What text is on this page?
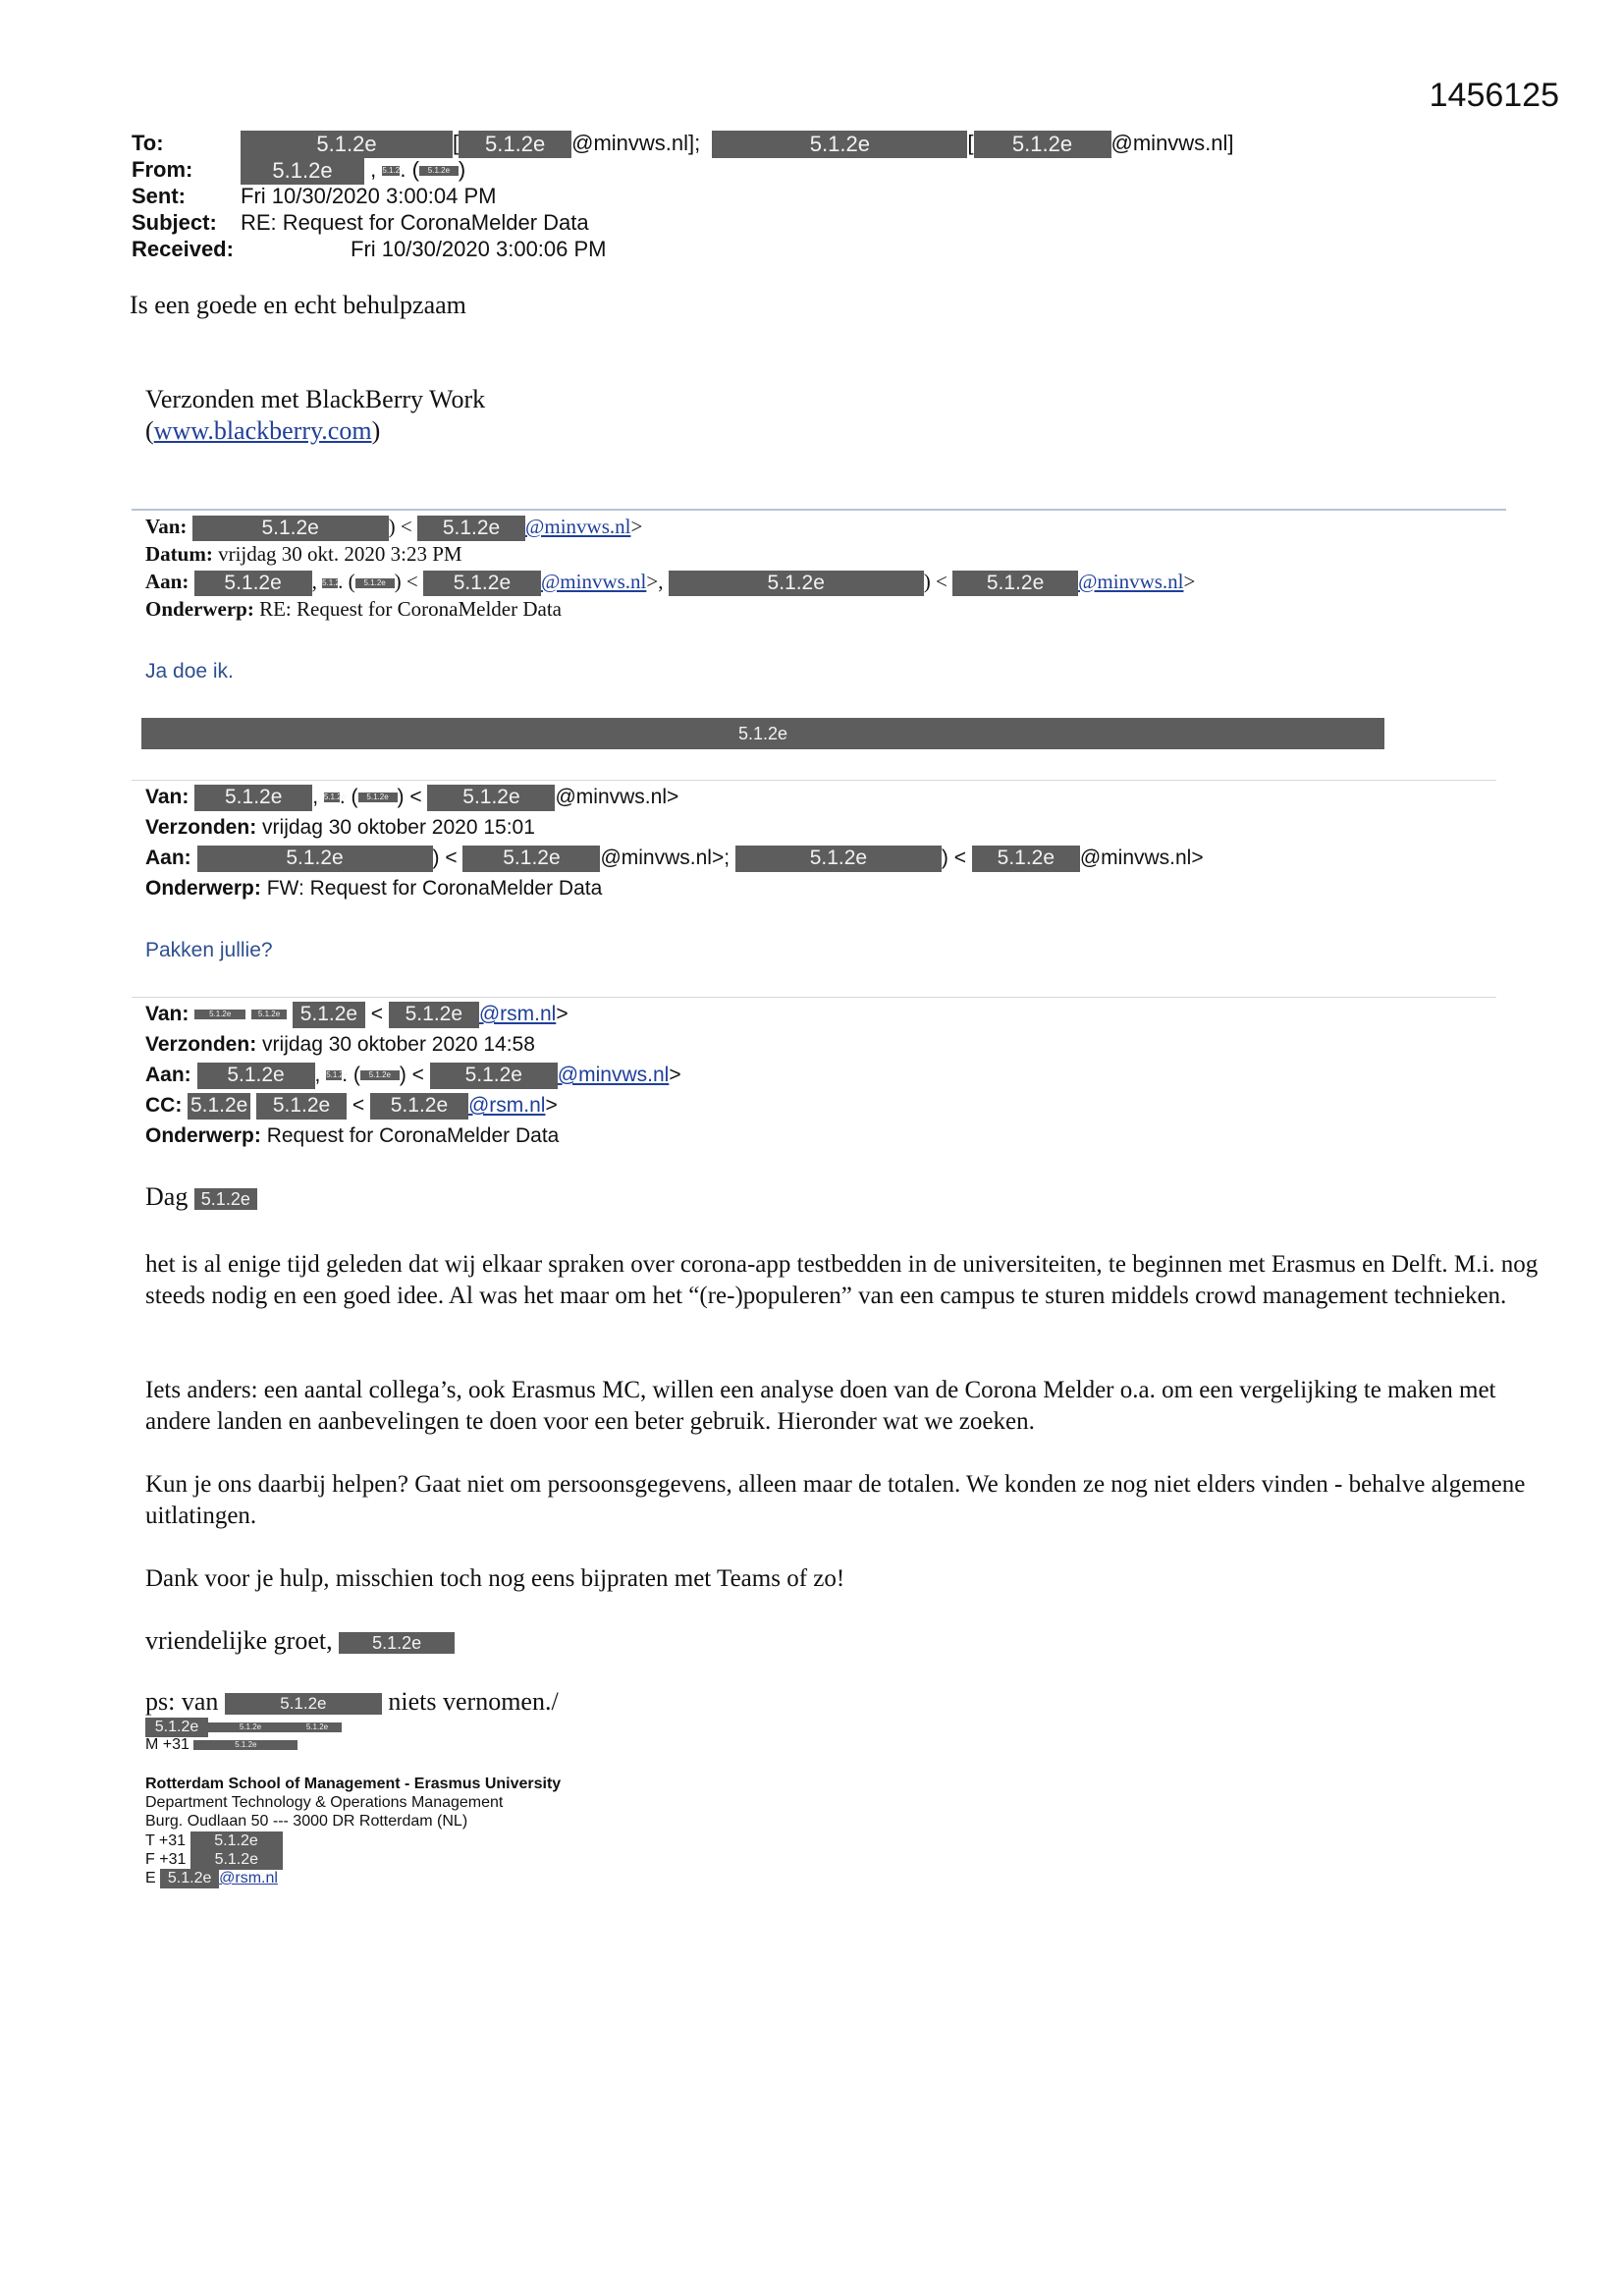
1456125
To:	5.1.2e	[ 5.1.2e @minvws.nl];	5.1.2e	[ 5.1.2e @minvws.nl]
From:	5.1.2e , 5.1.2e. ( 5.1.2e )
Sent:	Fri 10/30/2020 3:00:04 PM
Subject: RE: Request for CoronaMelder Data
Received:	Fri 10/30/2020 3:00:06 PM
Is een goede en echt behulpzaam
Verzonden met BlackBerry Work
(www.blackberry.com)
Van:	5.1.2e	) < 5.1.2e @minvws.nl>
Datum: vrijdag 30 okt. 2020 3:23 PM
Aan: 5.1.2e , 5.1.2e. ( 5.1.2e ) < 5.1.2e @minvws.nl>,	5.1.2e	) < 5.1.2e @minvws.nl>
Onderwerp: RE: Request for CoronaMelder Data
Ja doe ik.
5.1.2e
Van: 5.1.2e , 5.1.2e. ( 5.1.2e ) < 5.1.2e @minvws.nl>
Verzonden: vrijdag 30 oktober 2020 15:01
Aan:	5.1.2e	) < 5.1.2e @minvws.nl>;	5.1.2e	) < 5.1.2e @minvws.nl>
Onderwerp: FW: Request for CoronaMelder Data
Pakken jullie?
Van:	5.1.2e	5.1.2e 5.1.2e < 5.1.2e @rsm.nl>
Verzonden: vrijdag 30 oktober 2020 14:58
Aan: 5.1.2e , 5.1.2e. ( 5.1.2e ) < 5.1.2e @minvws.nl>
CC: 5.1.2e 5.1.2e < 5.1.2e @rsm.nl>
Onderwerp: Request for CoronaMelder Data
Dag 5.1.2e
het is al enige tijd geleden dat wij elkaar spraken over corona-app testbedden in de universiteiten, te beginnen met Erasmus en Delft. M.i. nog steeds nodig en een goed idee. Al was het maar om het “(re-)populeren” van een campus te sturen middels crowd management technieken.
Iets anders: een aantal collega’s, ook Erasmus MC, willen een analyse doen van de Corona Melder o.a. om een vergelijking te maken met andere landen en aanbevelingen te doen voor een beter gebruik. Hieronder wat we zoeken.
Kun je ons daarbij helpen? Gaat niet om persoonsgegevens, alleen maar de totalen. We konden ze nog niet elders vinden - behalve algemene uitlatingen.
Dank voor je hulp, misschien toch nog eens bijpraten met Teams of zo!
vriendelijke groet, 5.1.2e
ps: van	5.1.2e niets vernomen./
5.1.2e	5.1.2e	5.1.2e
M +31	5.1.2e
Rotterdam School of Management - Erasmus University
Department Technology & Operations Management
Burg. Oudlaan 50 --- 3000 DR Rotterdam (NL)
T +31 5.1.2e
F +31 5.1.2e
E 5.1.2e @rsm.nl
